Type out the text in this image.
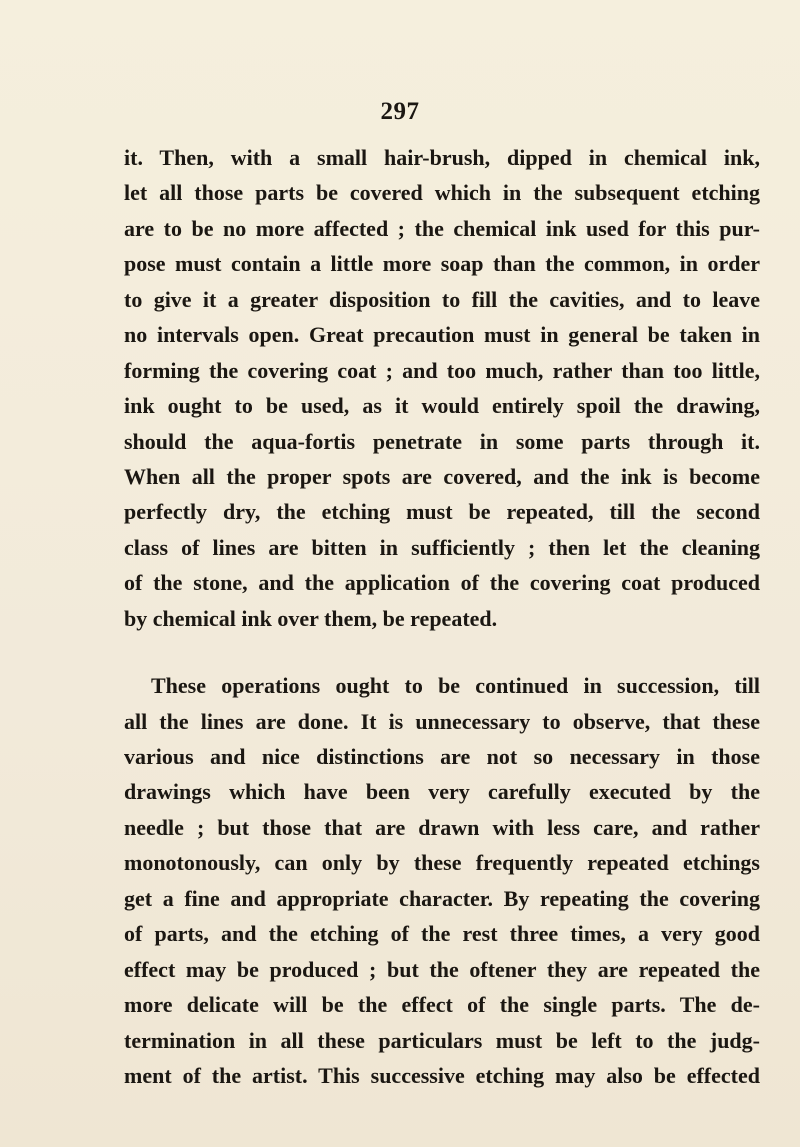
297
it. Then, with a small hair-brush, dipped in chemical ink,
let all those parts be covered which in the subsequent etching
are to be no more affected ; the chemical ink used for this pur-
pose must contain a little more soap than the common, in order
to give it a greater disposition to fill the cavities, and to leave
no intervals open. Great precaution must in general be taken in
forming the covering coat ; and too much, rather than too little,
ink ought to be used, as it would entirely spoil the drawing,
should the aqua-fortis penetrate in some parts through it.
When all the proper spots are covered, and the ink is become
perfectly dry, the etching must be repeated, till the second
class of lines are bitten in sufficiently ; then let the cleaning
of the stone, and the application of the covering coat produced
by chemical ink over them, be repeated.
These operations ought to be continued in succession, till
all the lines are done. It is unnecessary to observe, that these
various and nice distinctions are not so necessary in those
drawings which have been very carefully executed by the
needle ; but those that are drawn with less care, and rather
monotonously, can only by these frequently repeated etchings
get a fine and appropriate character. By repeating the covering
of parts, and the etching of the rest three times, a very good
effect may be produced ; but the oftener they are repeated the
more delicate will be the effect of the single parts. The de-
termination in all these particulars must be left to the judg-
ment of the artist. This successive etching may also be effected
